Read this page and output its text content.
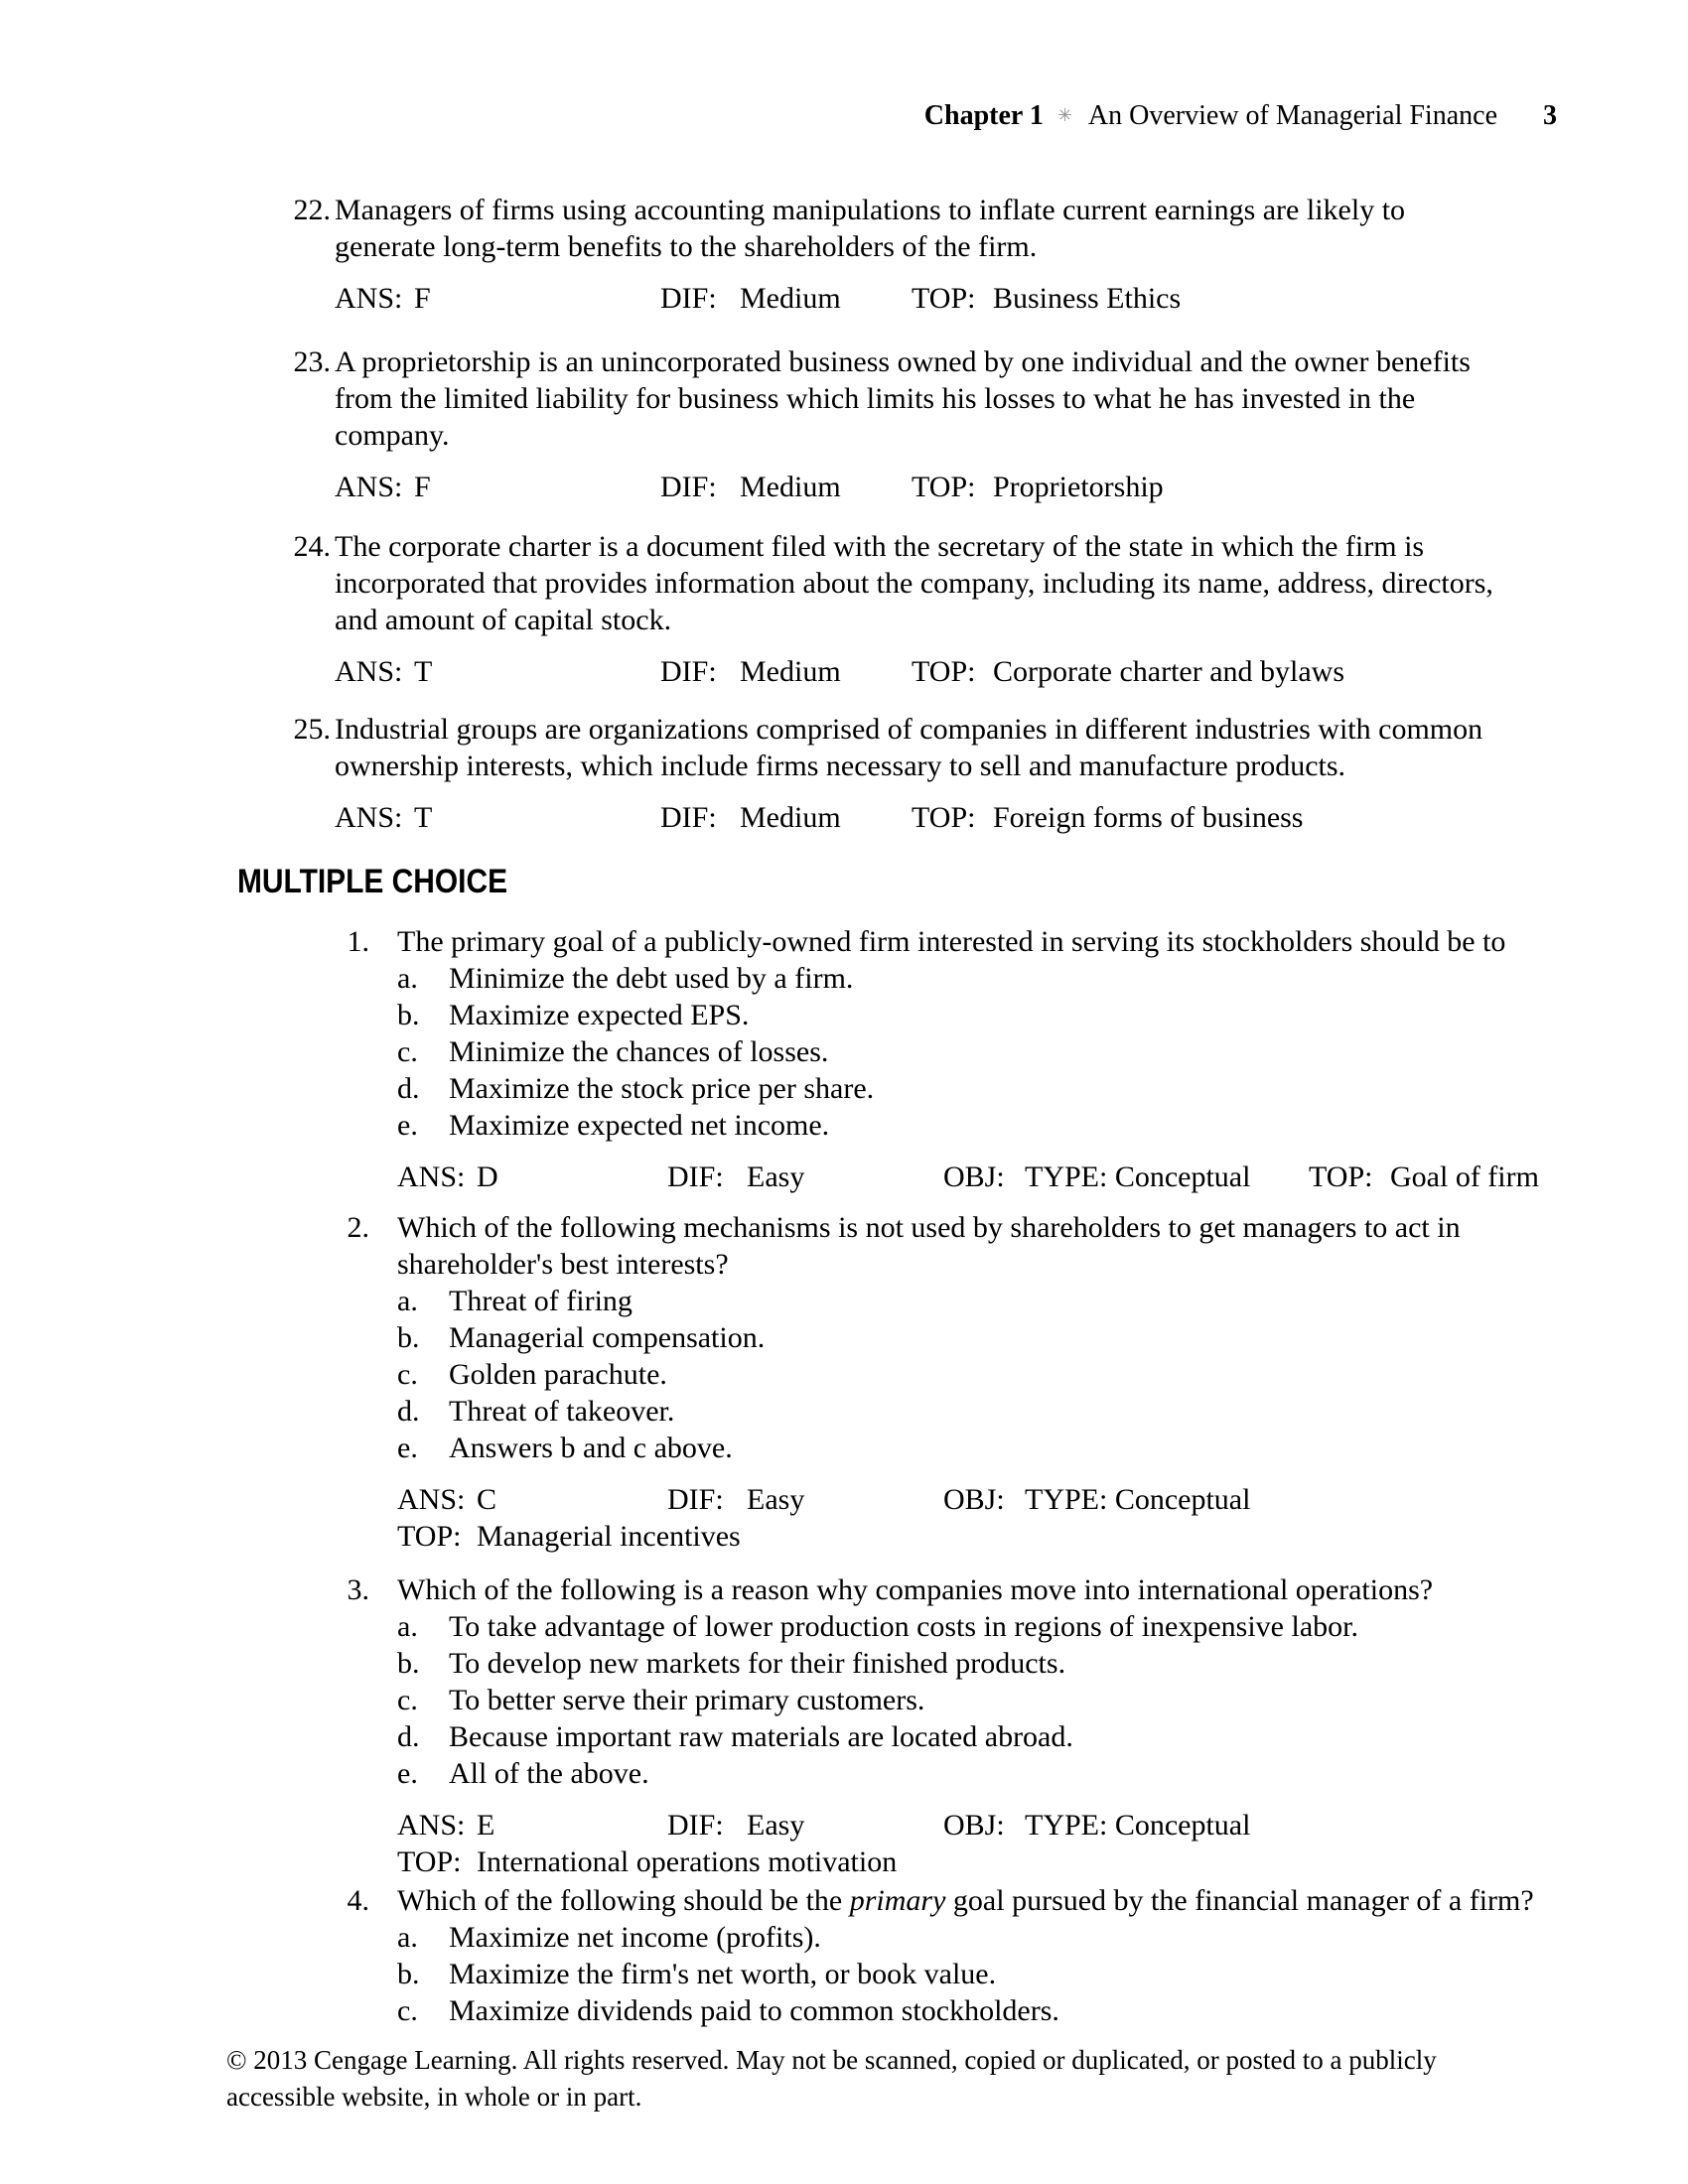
Chapter 1 ✳ An Overview of Managerial Finance 3
22. Managers of firms using accounting manipulations to inflate current earnings are likely to
generate long-term benefits to the shareholders of the firm.
ANS: F	DIF: Medium TOP: Business Ethics
23. A proprietorship is an unincorporated business owned by one individual and the owner benefits
from the limited liability for business which limits his losses to what he has invested in the
company.
ANS: F	DIF: Medium TOP: Proprietorship
24. The corporate charter is a document filed with the secretary of the state in which the firm is
incorporated that provides information about the company, including its name, address, directors,
and amount of capital stock.
ANS: T	DIF: Medium TOP: Corporate charter and bylaws
25. Industrial groups are organizations comprised of companies in different industries with common
ownership interests, which include firms necessary to sell and manufacture products.
ANS: T	DIF: Medium TOP: Foreign forms of business
MULTIPLE CHOICE
1. The primary goal of a publicly-owned firm interested in serving its stockholders should be to
a. Minimize the debt used by a firm.
b. Maximize expected EPS.
c. Minimize the chances of losses.
d. Maximize the stock price per share.
e. Maximize expected net income.
ANS: D	DIF: Easy	OBJ: TYPE: Conceptual TOP: Goal of firm
2. Which of the following mechanisms is not used by shareholders to get managers to act in
shareholder's best interests?
a. Threat of firing
b. Managerial compensation.
c. Golden parachute.
d. Threat of takeover.
e. Answers b and c above.
ANS: C	DIF: Easy	OBJ: TYPE: Conceptual
TOP: Managerial incentives
3. Which of the following is a reason why companies move into international operations?
a. To take advantage of lower production costs in regions of inexpensive labor.
b. To develop new markets for their finished products.
c. To better serve their primary customers.
d. Because important raw materials are located abroad.
e. All of the above.
ANS: E	DIF: Easy	OBJ: TYPE: Conceptual
TOP: International operations motivation
4. Which of the following should be the primary goal pursued by the financial manager of a firm?
a. Maximize net income (profits).
b. Maximize the firm's net worth, or book value.
c. Maximize dividends paid to common stockholders.
© 2013 Cengage Learning. All rights reserved. May not be scanned, copied or duplicated, or posted to a publicly
accessible website, in whole or in part.
